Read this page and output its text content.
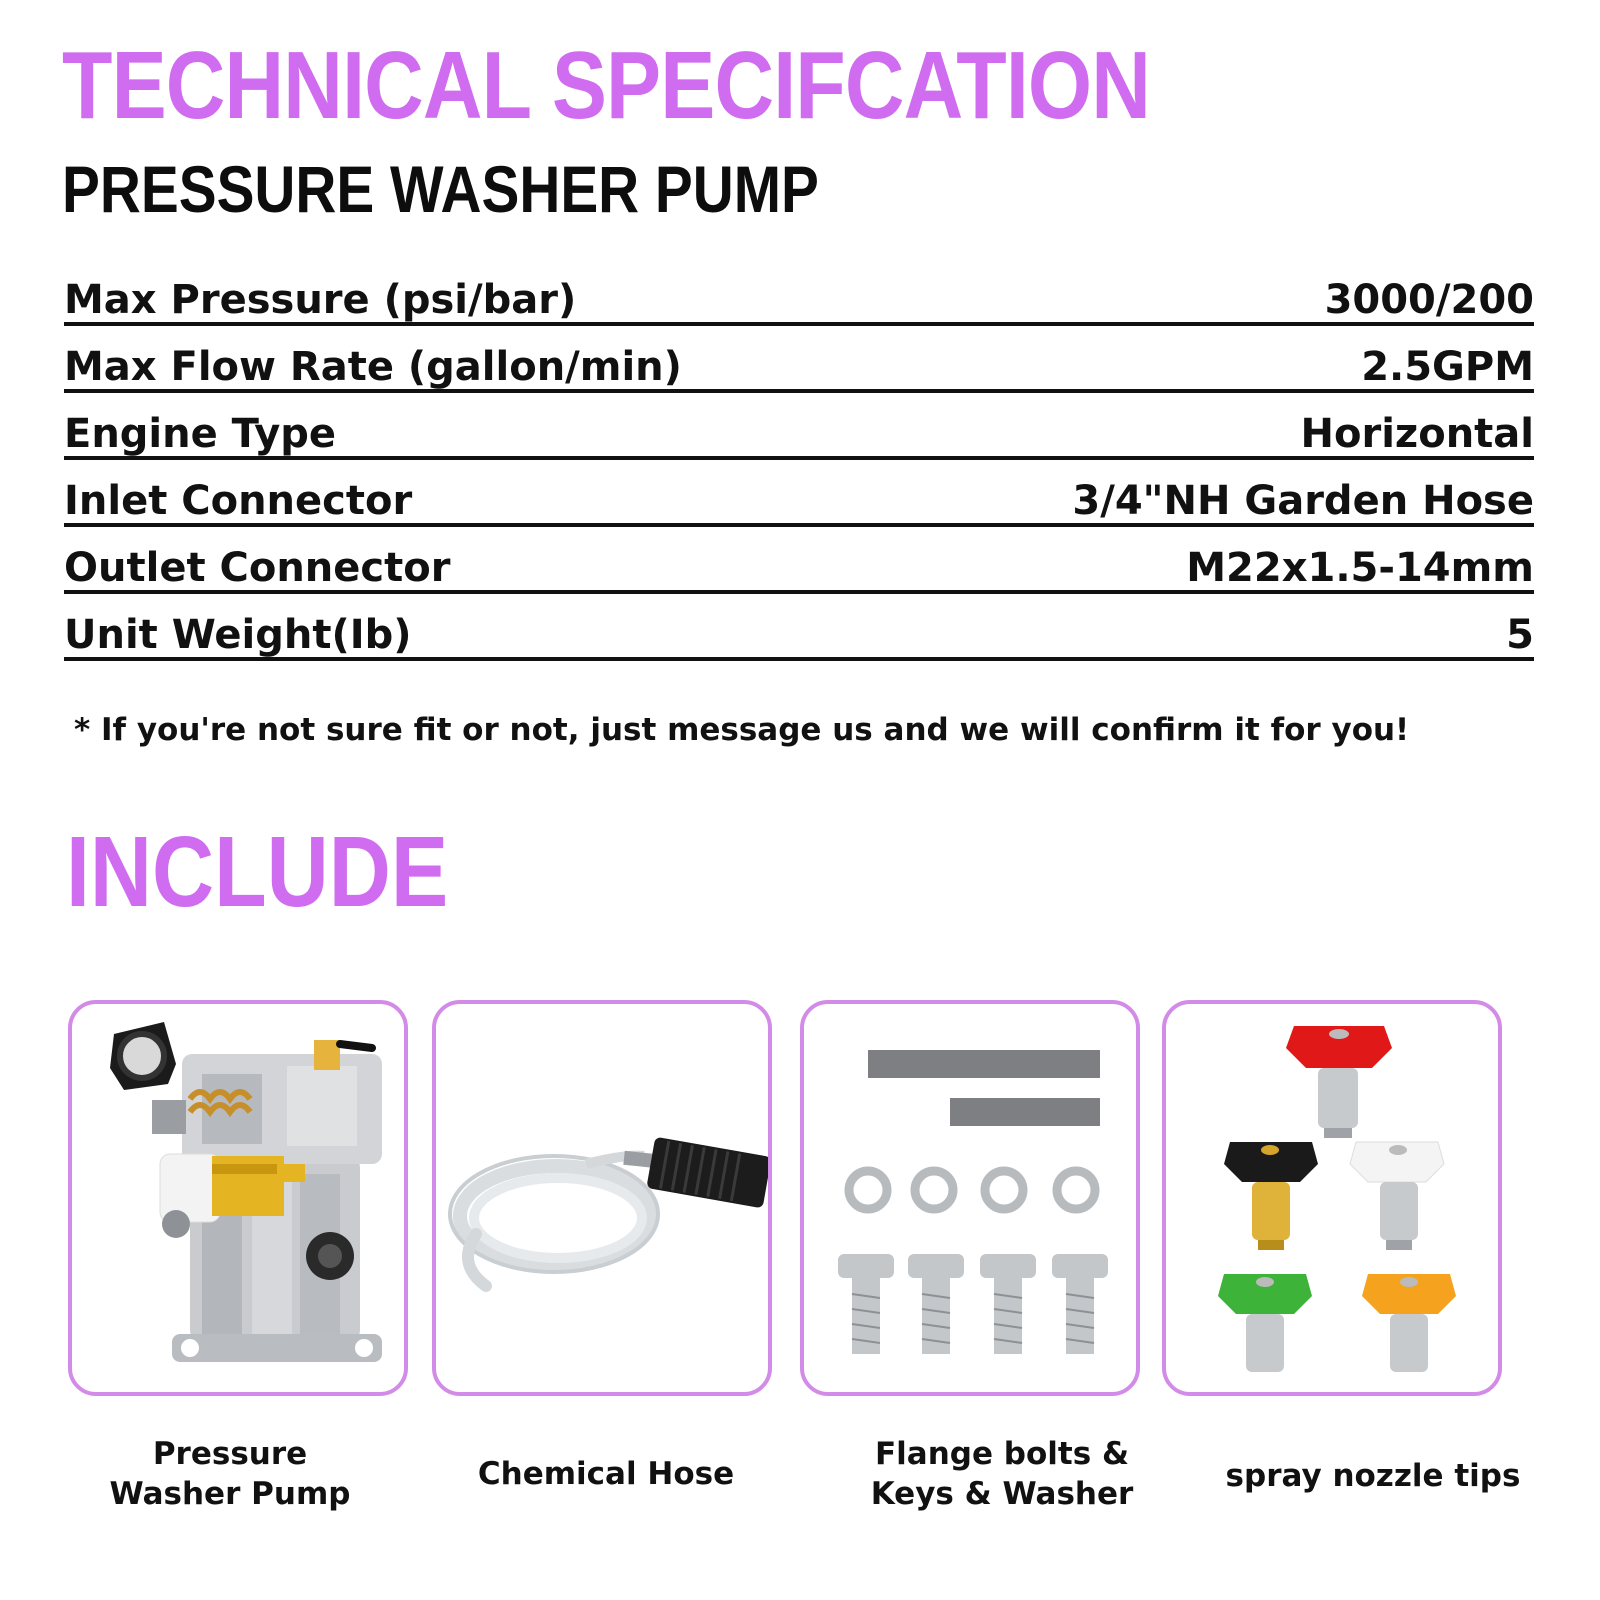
TECHNICAL SPECIFCATION
PRESSURE WASHER PUMP
Max Pressure (psi/bar)	3000/200
Max Flow Rate (gallon/min)	2.5GPM
Engine Type	Horizontal
Inlet Connector	3/4"NH Garden Hose
Outlet Connector	M22x1.5-14mm
Unit Weight(Ib)	5

* If you're not sure fit or not, just message us and we will confirm it for you!

INCLUDE
Pressure
Washer Pump
Chemical Hose
Flange bolts &
Keys & Washer	spray nozzle tips
